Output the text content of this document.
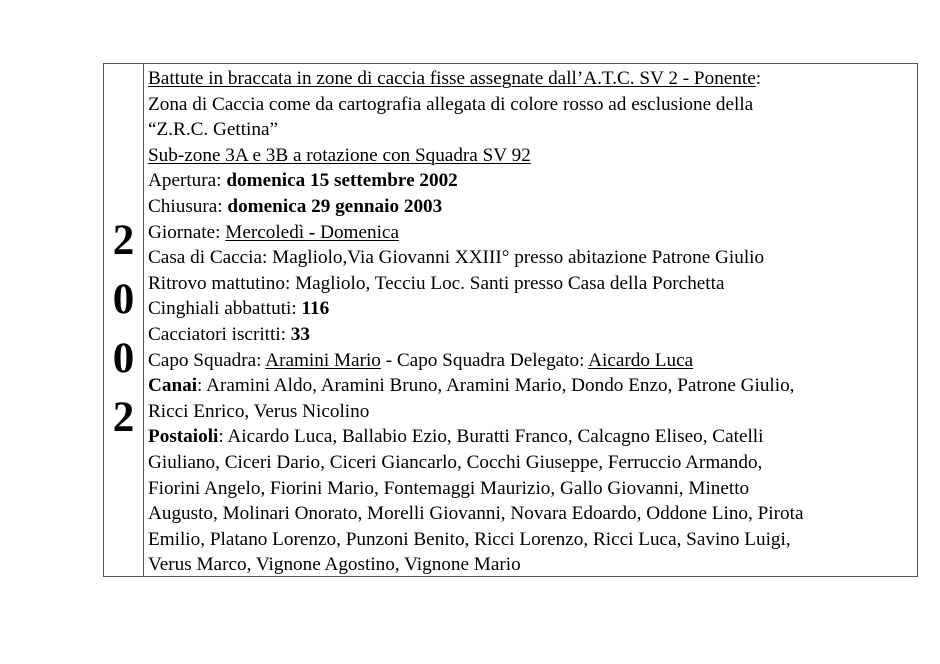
2
0
0
2
Battute in braccata in zone di caccia fisse assegnate dall’A.T.C. SV 2 - Ponente:
Zona di Caccia come da cartografia allegata di colore rosso ad esclusione della
“Z.R.C. Gettina”
Sub-zone 3A e 3B a rotazione con Squadra SV 92
Apertura: domenica 15 settembre 2002
Chiusura: domenica 29 gennaio 2003
Giornate: Mercoledì - Domenica
Casa di Caccia: Magliolo,Via Giovanni XXIII° presso abitazione Patrone Giulio
Ritrovo mattutino: Magliolo, Tecciu Loc. Santi presso Casa della Porchetta
Cinghiali abbattuti: 116
Cacciatori iscritti: 33
Capo Squadra: Aramini Mario - Capo Squadra Delegato: Aicardo Luca
Canai: Aramini Aldo, Aramini Bruno, Aramini Mario, Dondo Enzo, Patrone Giulio,
Ricci Enrico, Verus Nicolino
Postaioli: Aicardo Luca, Ballabio Ezio, Buratti Franco, Calcagno Eliseo, Catelli
Giuliano, Ciceri Dario, Ciceri Giancarlo, Cocchi Giuseppe, Ferruccio Armando,
Fiorini Angelo, Fiorini Mario, Fontemaggi Maurizio, Gallo Giovanni, Minetto
Augusto, Molinari Onorato, Morelli Giovanni, Novara Edoardo, Oddone Lino, Pirota
Emilio, Platano Lorenzo, Punzoni Benito, Ricci Lorenzo, Ricci Luca, Savino Luigi,
Verus Marco, Vignone Agostino, Vignone Mario
